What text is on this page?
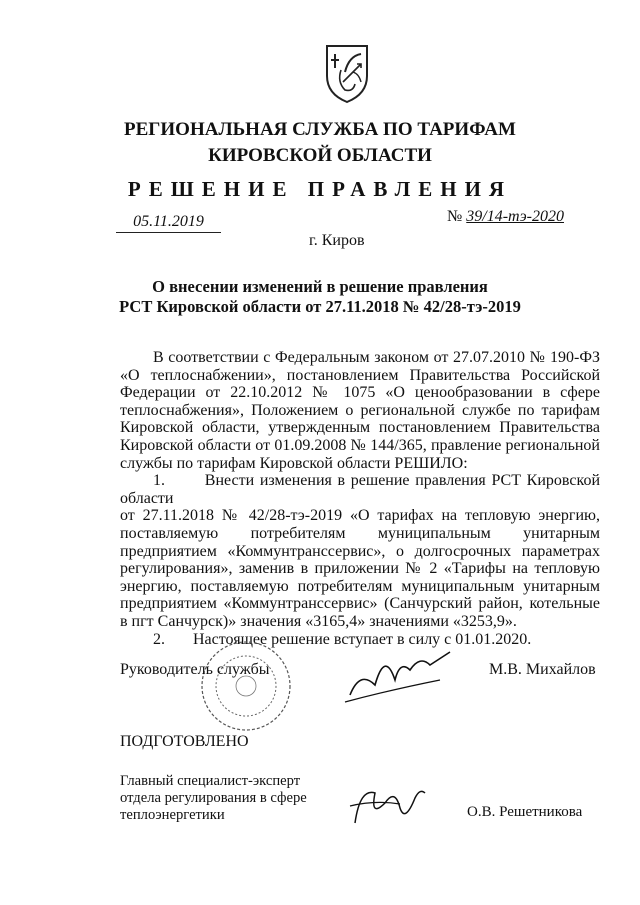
РЕГИОНАЛЬНАЯ СЛУЖБА ПО ТАРИФАМ
КИРОВСКОЙ ОБЛАСТИ
РЕШЕНИЕ ПРАВЛЕНИЯ
05.11.2019	№ 39/14-тэ-2020
г. Киров
О внесении изменений в решение правления
РСТ Кировской области от 27.11.2018 № 42/28-тэ-2019

В соответствии с Федеральным законом от 27.07.2010 № 190-ФЗ «О теплоснабжении», постановлением Правительства Российской Федерации от 22.10.2012 № 1075 «О ценообразовании в сфере теплоснабжения», Положением о региональной службе по тарифам Кировской области, утвержденным постановлением Правительства Кировской области от 01.09.2008 № 144/365, правление региональной службы по тарифам Кировской области РЕШИЛО:

1. Внести изменения в решение правления РСТ Кировской области

от 27.11.2018 № 42/28-тэ-2019 «О тарифах на тепловую энергию, поставляемую потребителям муниципальным унитарным предприятием «Коммунтранссервис», о долгосрочных параметрах регулирования», заменив в приложении № 2 «Тарифы на тепловую энергию, поставляемую потребителям муниципальным унитарным предприятием «Коммунтранссервис» (Санчурский район, котельные в пгт Санчурск)» значения «3165,4» значениями «3253,9».

2. Настоящее решение вступает в силу с 01.01.2020.

Руководитель службы	М.В. Михайлов
ПОДГОТОВЛЕНО
Главный специалист-эксперт
отдела регулирования в сфере
теплоэнергетики	О.В. Решетникова
